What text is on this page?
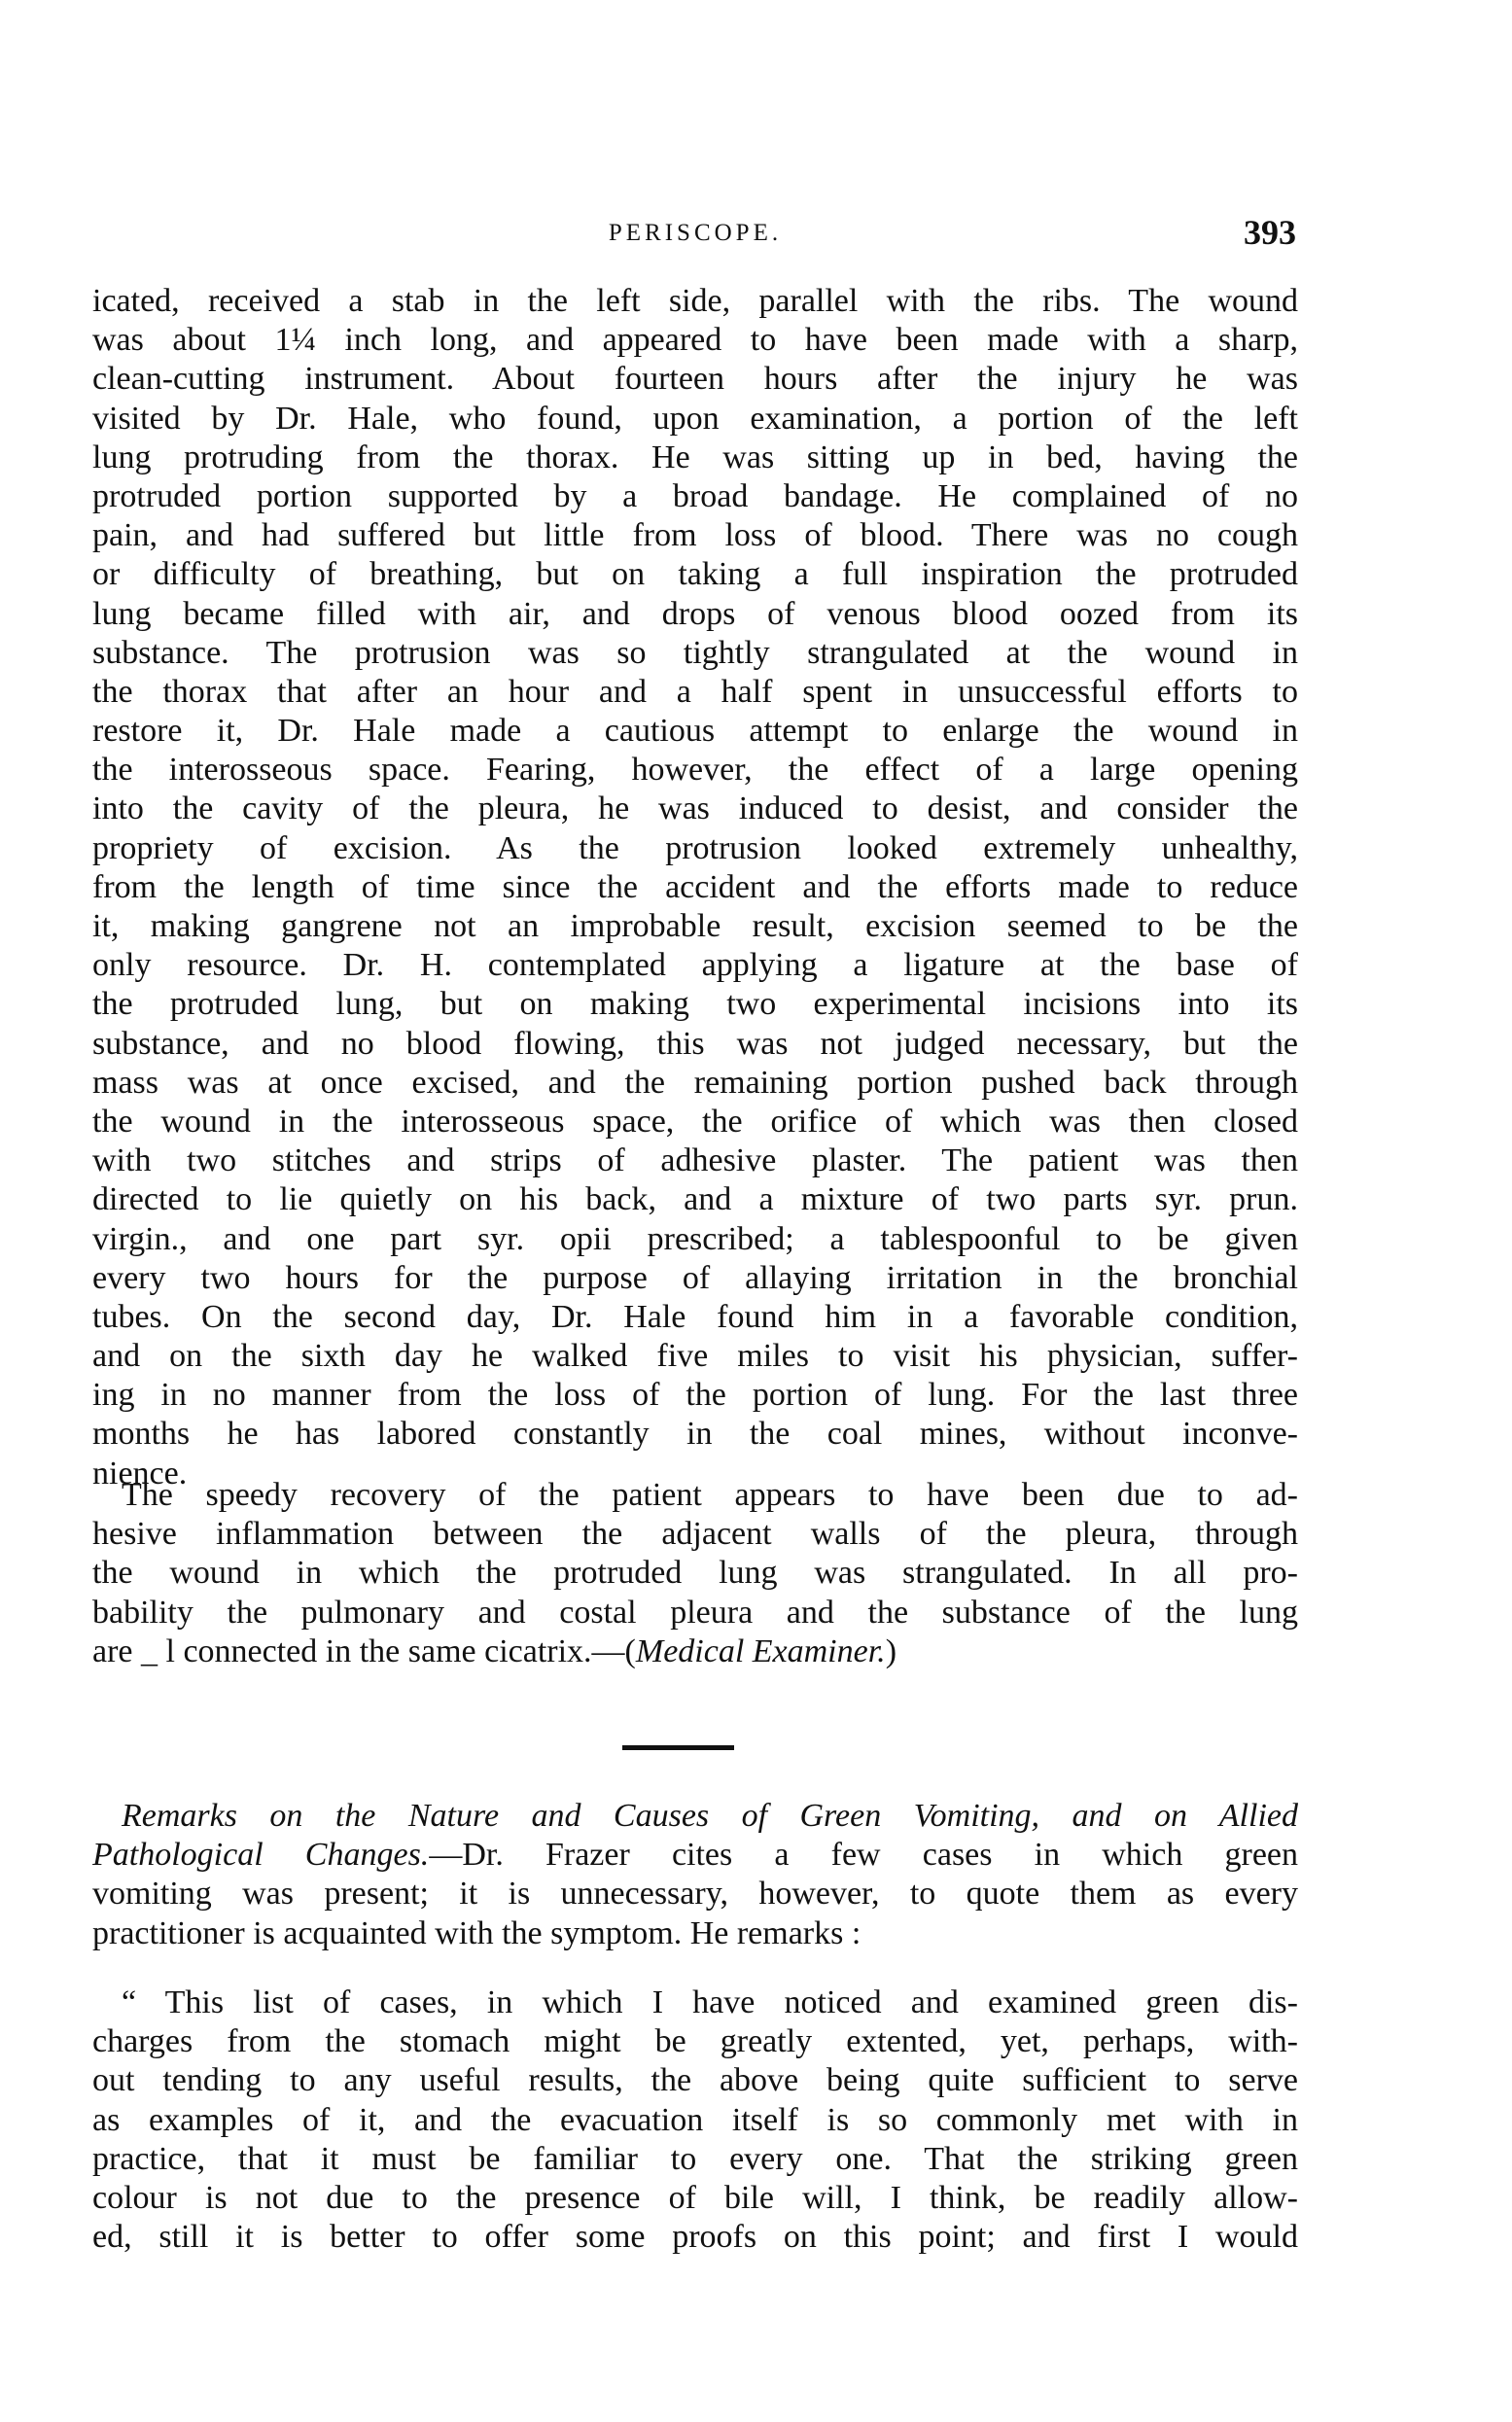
PERISCOPE.	393
icated, received a stab in the left side, parallel with the ribs. The wound
was about 1¼ inch long, and appeared to have been made with a sharp,
clean-cutting instrument. About fourteen hours after the injury he was
visited by Dr. Hale, who found, upon examination, a portion of the left
lung protruding from the thorax. He was sitting up in bed, having the
protruded portion supported by a broad bandage. He complained of no
pain, and had suffered but little from loss of blood. There was no cough
or difficulty of breathing, but on taking a full inspiration the protruded
lung became filled with air, and drops of venous blood oozed from its
substance. The protrusion was so tightly strangulated at the wound in
the thorax that after an hour and a half spent in unsuccessful efforts to
restore it, Dr. Hale made a cautious attempt to enlarge the wound in
the interosseous space. Fearing, however, the effect of a large opening
into the cavity of the pleura, he was induced to desist, and consider the
propriety of excision. As the protrusion looked extremely unhealthy,
from the length of time since the accident and the efforts made to reduce
it, making gangrene not an improbable result, excision seemed to be the
only resource. Dr. H. contemplated applying a ligature at the base of
the protruded lung, but on making two experimental incisions into its
substance, and no blood flowing, this was not judged necessary, but the
mass was at once excised, and the remaining portion pushed back through
the wound in the interosseous space, the orifice of which was then closed
with two stitches and strips of adhesive plaster. The patient was then
directed to lie quietly on his back, and a mixture of two parts syr. prun.
virgin., and one part syr. opii prescribed; a tablespoonful to be given
every two hours for the purpose of allaying irritation in the bronchial
tubes. On the second day, Dr. Hale found him in a favorable condition,
and on the sixth day he walked five miles to visit his physician, suffer-
ing in no manner from the loss of the portion of lung. For the last three
months he has labored constantly in the coal mines, without inconve-
nience.
The speedy recovery of the patient appears to have been due to ad-
hesive inflammation between the adjacent walls of the pleura, through
the wound in which the protruded lung was strangulated. In all pro-
bability the pulmonary and costal pleura and the substance of the lung
are _ l connected in the same cicatrix.—(Medical Examiner.)
Remarks on the Nature and Causes of Green Vomiting, and on Allied
Pathological Changes.—Dr. Frazer cites a few cases in which green
vomiting was present; it is unnecessary, however, to quote them as every
practitioner is acquainted with the symptom. He remarks :
“ This list of cases, in which I have noticed and examined green dis-
charges from the stomach might be greatly extented, yet, perhaps, with-
out tending to any useful results, the above being quite sufficient to serve
as examples of it, and the evacuation itself is so commonly met with in
practice, that it must be familiar to every one. That the striking green
colour is not due to the presence of bile will, I think, be readily allow-
ed, still it is better to offer some proofs on this point; and first I would
